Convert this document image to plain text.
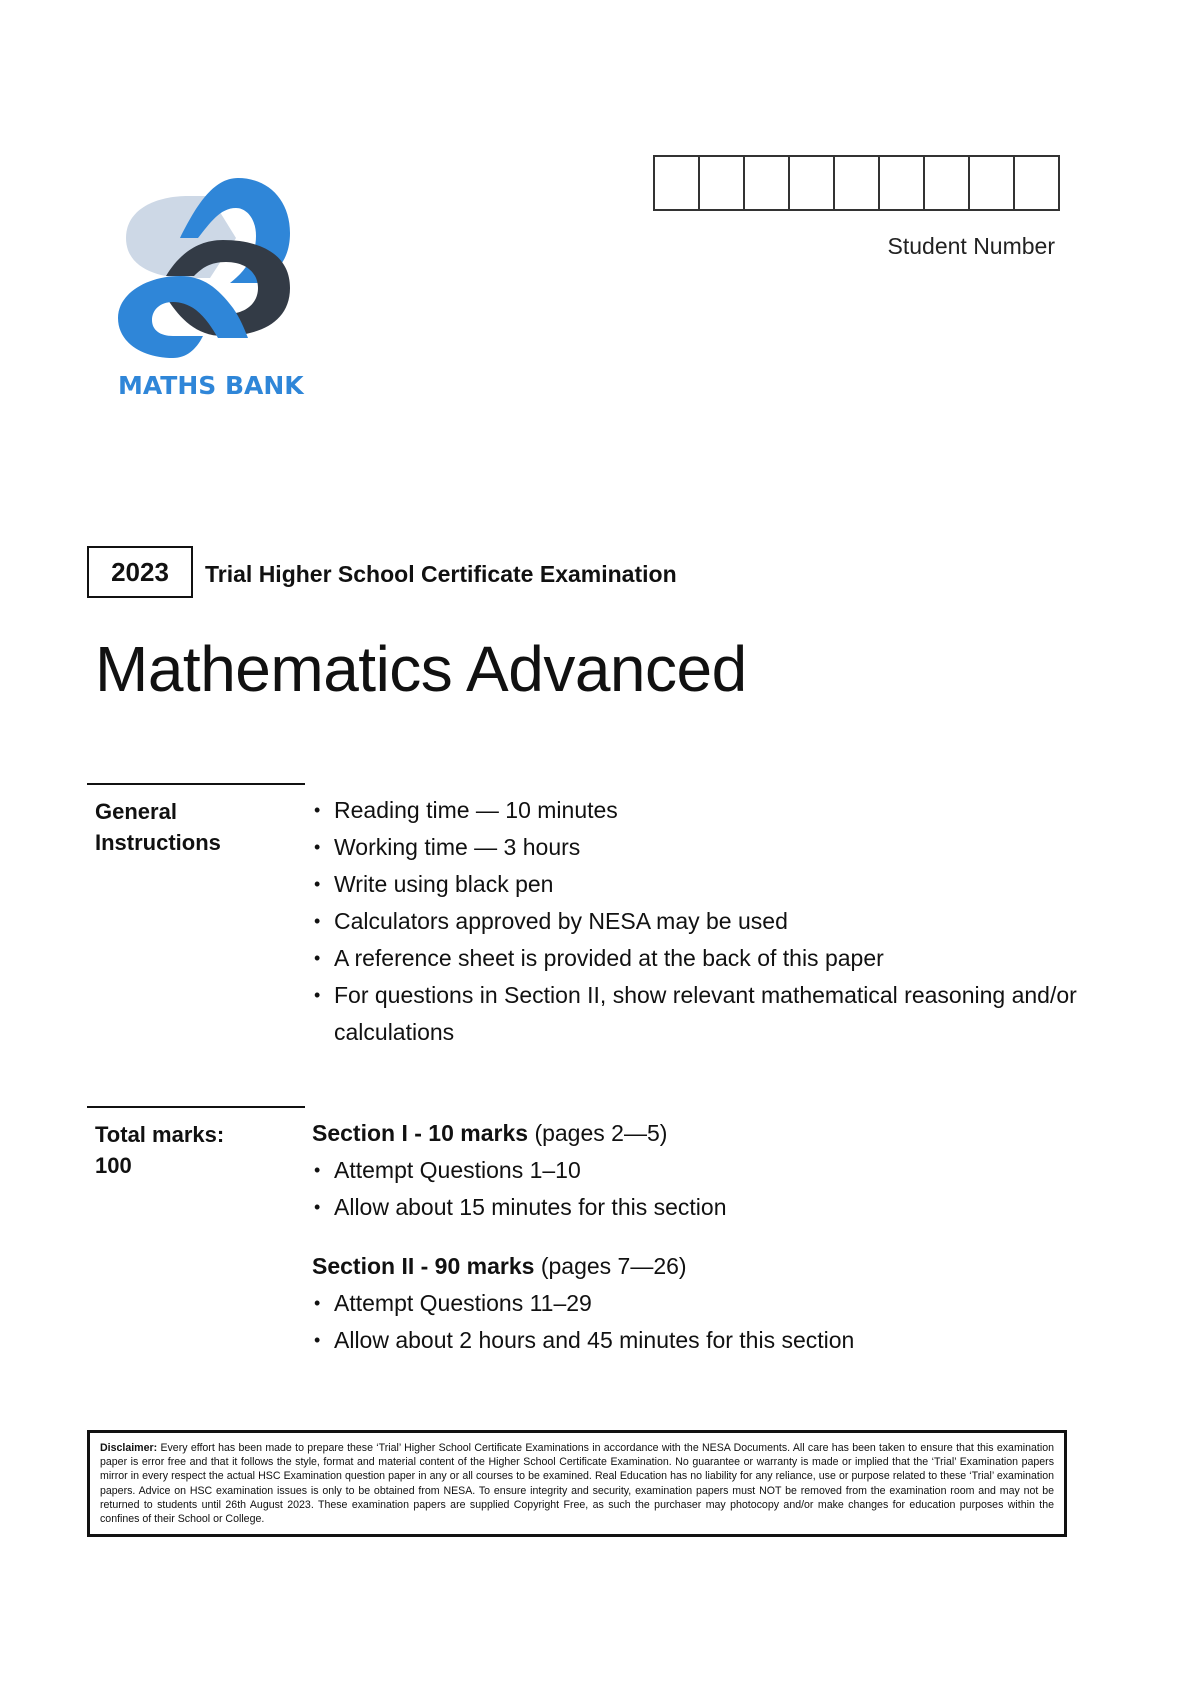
MATHS BANK
Student Number
2023	Trial Higher School Certificate Examination
Mathematics Advanced
General
Instructions
• Reading time — 10 minutes
• Working time — 3 hours
• Write using black pen
• Calculators approved by NESA may be used
• A reference sheet is provided at the back of this paper
• For questions in Section II, show relevant mathematical reasoning and/or calculations
Total marks:
100

Section I - 10 marks (pages 2—5)

• Attempt Questions 1–10
• Allow about 15 minutes for this section

Section II - 90 marks (pages 7—26)

• Attempt Questions 11–29
• Allow about 2 hours and 45 minutes for this section
Disclaimer: Every effort has been made to prepare these ‘Trial’ Higher School Certificate Examinations in accordance with the NESA Documents. All care has been taken to ensure that this examination paper is error free and that it follows the style, format and material content of the Higher School Certificate Examination. No guarantee or warranty is made or implied that the ‘Trial’ Examination papers mirror in every respect the actual HSC Examination question paper in any or all courses to be examined. Real Education has no liability for any reliance, use or purpose related to these ‘Trial’ examination papers. Advice on HSC examination issues is only to be obtained from NESA. To ensure integrity and security, examination papers must NOT be removed from the examination room and may not be returned to students until 26th August 2023. These examination papers are supplied Copyright Free, as such the purchaser may photocopy and/or make changes for education purposes within the confines of their School or College.
